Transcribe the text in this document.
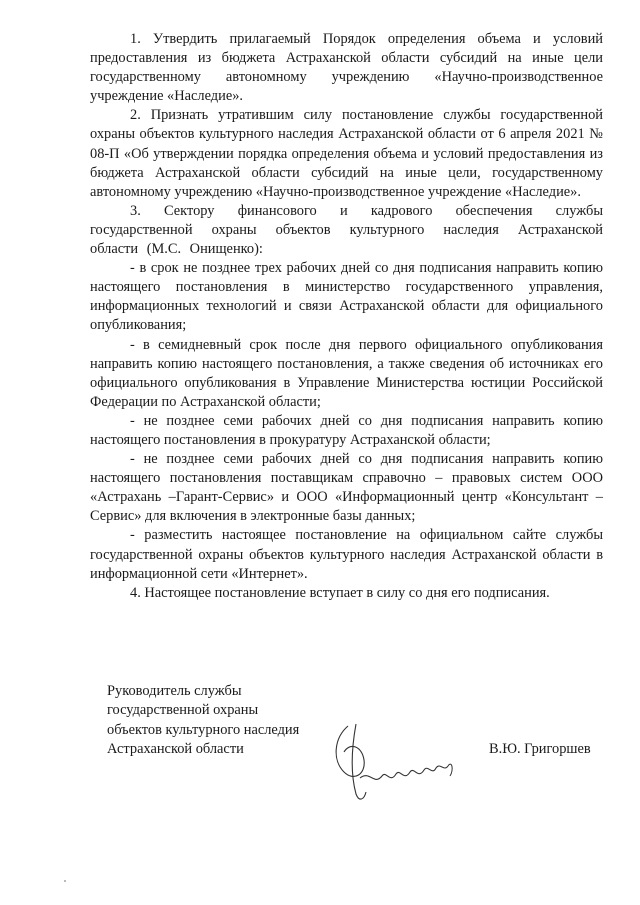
1. Утвердить прилагаемый Порядок определения объема и условий предоставления из бюджета Астраханской области субсидий на иные цели государственному автономному учреждению «Научно-производственное учреждение «Наследие».

2. Признать утратившим силу постановление службы государственной охраны объектов культурного наследия Астраханской области от 6 апреля 2021 № 08-П «Об утверждении порядка определения объема и условий предоставления из бюджета Астраханской области субсидий на иные цели, государственному автономному учреждению «Научно-производственное учреждение «Наследие».

3. Сектору финансового и кадрового обеспечения службы государственной охраны объектов культурного наследия Астраханской области (М.С. Онищенко):

- в срок не позднее трех рабочих дней со дня подписания направить копию настоящего постановления в министерство государственного управления, информационных технологий и связи Астраханской области для официального опубликования;

- в семидневный срок после дня первого официального опубликования направить копию настоящего постановления, а также сведения об источниках его официального опубликования в Управление Министерства юстиции Российской Федерации по Астраханской области;

- не позднее семи рабочих дней со дня подписания направить копию настоящего постановления в прокуратуру Астраханской области;

- не позднее семи рабочих дней со дня подписания направить копию настоящего постановления поставщикам справочно – правовых систем ООО «Астрахань –Гарант-Сервис» и ООО «Информационный центр «Консультант – Сервис» для включения в электронные базы данных;

- разместить настоящее постановление на официальном сайте службы государственной охраны объектов культурного наследия Астраханской области в информационной сети «Интернет».

4. Настоящее постановление вступает в силу со дня его подписания.

Руководитель службы
государственной охраны
объектов культурного наследия
Астраханской области	В.Ю. Григоршев
